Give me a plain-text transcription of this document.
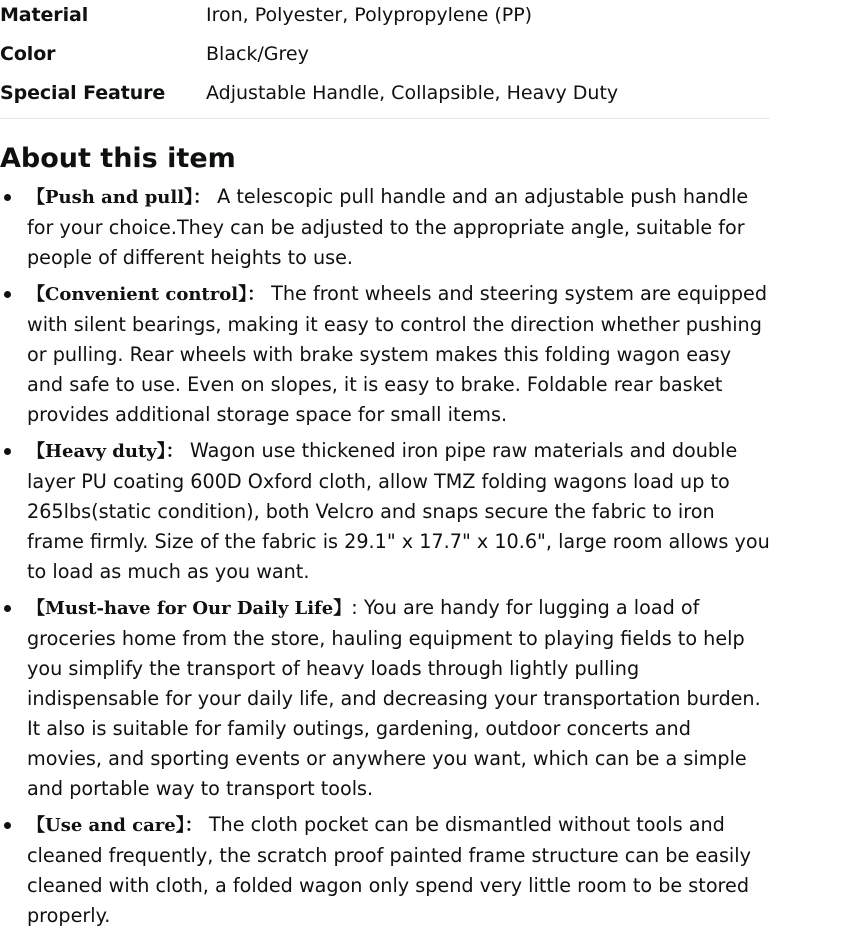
Material	Iron, Polyester, Polypropylene (PP)
Color	Black/Grey
Special Feature	Adjustable Handle, Collapsible, Heavy Duty
About this item
【Push and pull】： A telescopic pull handle and an adjustable push handle for your choice.They can be adjusted to the appropriate angle, suitable for people of different heights to use.
【Convenient control】： The front wheels and steering system are equipped with silent bearings, making it easy to control the direction whether pushing or pulling. Rear wheels with brake system makes this folding wagon easy and safe to use. Even on slopes, it is easy to brake. Foldable rear basket provides additional storage space for small items.
【Heavy duty】： Wagon use thickened iron pipe raw materials and double layer PU coating 600D Oxford cloth, allow TMZ folding wagons load up to 265lbs(static condition), both Velcro and snaps secure the fabric to iron frame firmly. Size of the fabric is 29.1" x 17.7" x 10.6", large room allows you to load as much as you want.
【Must-have for Our Daily Life】: You are handy for lugging a load of groceries home from the store, hauling equipment to playing fields to help you simplify the transport of heavy loads through lightly pulling indispensable for your daily life, and decreasing your transportation burden. It also is suitable for family outings, gardening, outdoor concerts and movies, and sporting events or anywhere you want, which can be a simple and portable way to transport tools.
【Use and care】： The cloth pocket can be dismantled without tools and cleaned frequently, the scratch proof painted frame structure can be easily cleaned with cloth, a folded wagon only spend very little room to be stored properly.
